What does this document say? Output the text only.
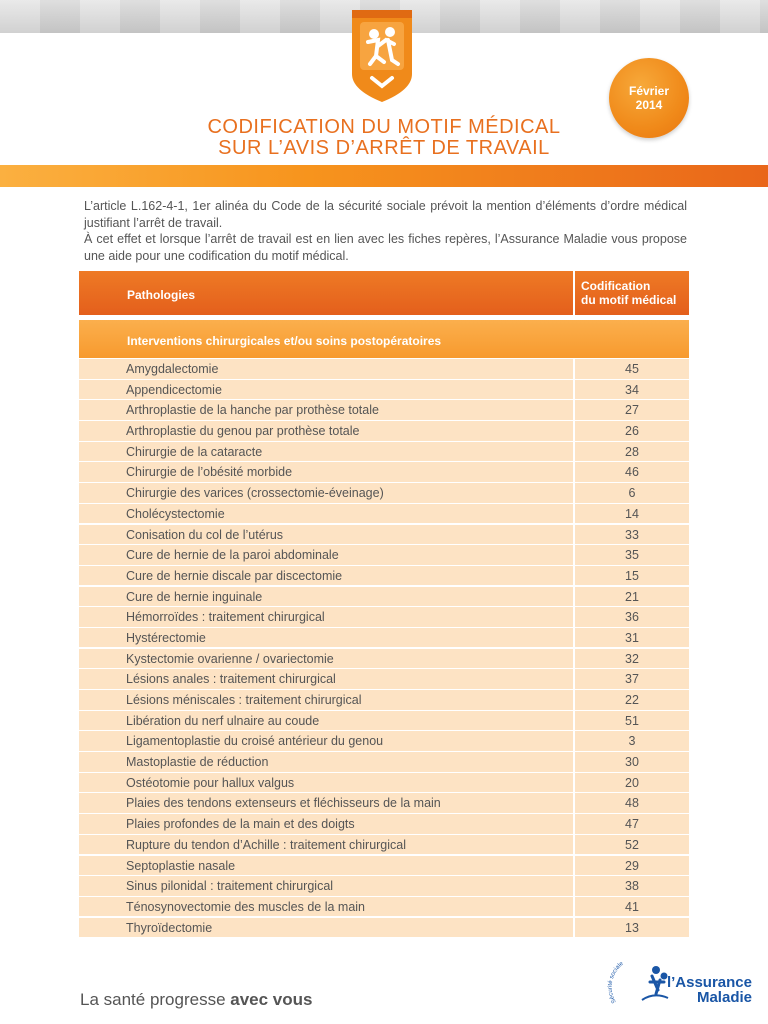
Février
2014
CODIFICATION DU MOTIF MÉDICAL
SUR L’AVIS D’ARRÊT DE TRAVAIL

L’article L.162-4-1, 1er alinéa du Code de la sécurité sociale prévoit la mention d’éléments d’ordre médical justifiant l’arrêt de travail.

À cet effet et lorsque l’arrêt de travail est en lien avec les fiches repères, l’Assurance Maladie vous propose une aide pour une codification du motif médical.

Pathologies
Codification
du motif médical
Interventions chirurgicales et/ou soins postopératoires
Amygdalectomie	45
Appendicectomie	34
Arthroplastie de la hanche par prothèse totale	27
Arthroplastie du genou par prothèse totale	26
Chirurgie de la cataracte	28
Chirurgie de l’obésité morbide	46
Chirurgie des varices (crossectomie-éveinage)	6
Cholécystectomie	14
Conisation du col de l’utérus	33
Cure de hernie de la paroi abdominale	35
Cure de hernie discale par discectomie	15
Cure de hernie inguinale	21
Hémorroïdes : traitement chirurgical	36
Hystérectomie	31
Kystectomie ovarienne / ovariectomie	32
Lésions anales : traitement chirurgical	37
Lésions méniscales : traitement chirurgical	22
Libération du nerf ulnaire au coude	51
Ligamentoplastie du croisé antérieur du genou	3
Mastoplastie de réduction	30
Ostéotomie pour hallux valgus	20
Plaies des tendons extenseurs et fléchisseurs de la main	48
Plaies profondes de la main et des doigts	47
Rupture du tendon d’Achille : traitement chirurgical	52
Septoplastie nasale	29
Sinus pilonidal : traitement chirurgical	38
Ténosynovectomie des muscles de la main	41
Thyroïdectomie	13
La santé progresse avec vous	Sécurité sociale
l’Assurance
Maladie
